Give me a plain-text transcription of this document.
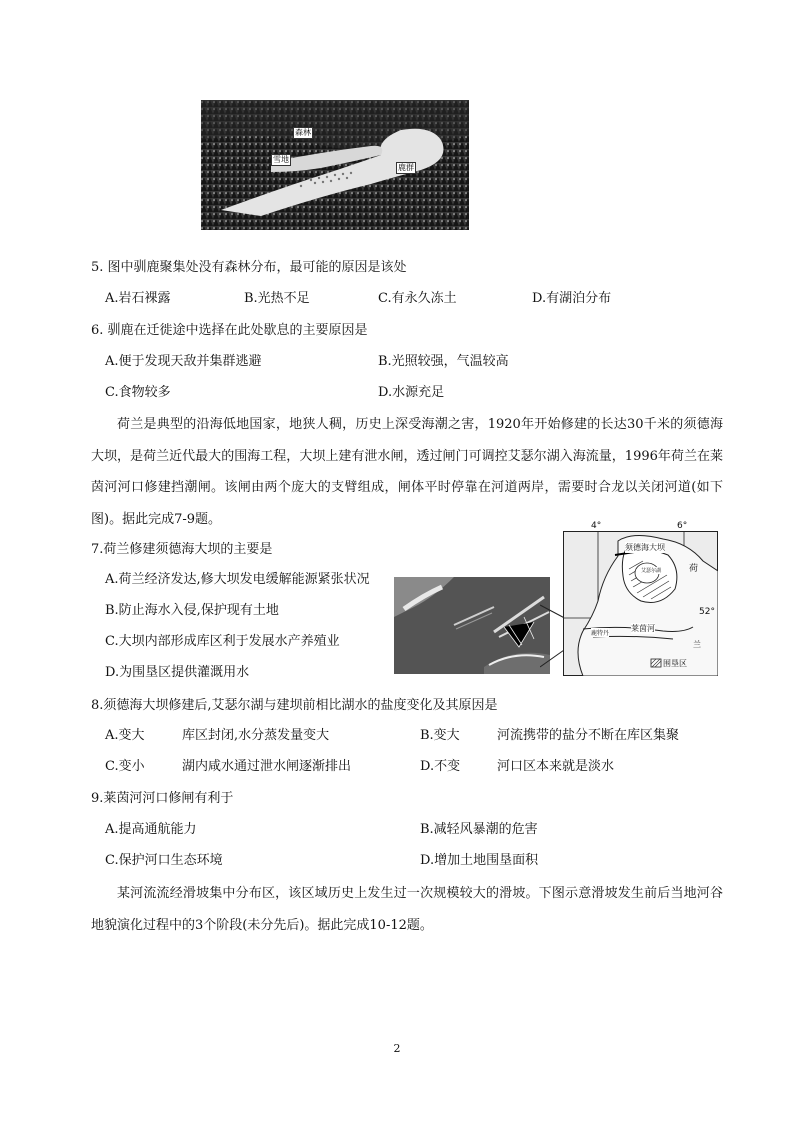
森林
雪地
鹿群
5. 图中驯鹿聚集处没有森林分布，最可能的原因是该处
A.岩石裸露	B.光热不足	C.有永久冻土	D.有湖泊分布
6. 驯鹿在迁徙途中选择在此处歇息的主要原因是
A.便于发现天敌并集群逃避	B.光照较强，气温较高
C.食物较多	D.水源充足
荷兰是典型的沿海低地国家，地狭人稠，历史上深受海潮之害，1920年开始修建的长达30千米的须德海大坝，是荷兰近代最大的围海工程，大坝上建有泄水闸，透过闸门可调控艾瑟尔湖入海流量，1996年荷兰在莱茵河河口修建挡潮闸。该闸由两个庞大的支臂组成，闸体平时停靠在河道两岸，需要时合龙以关闭河道(如下图)。据此完成7-9题。
7.荷兰修建须德海大坝的主要是
A.荷兰经济发达,修大坝发电缓解能源紧张状况
B.防止海水入侵,保护现有土地
C.大坝内部形成库区利于发展水产养殖业
D.为围垦区提供灌溉用水
4°	6°
52°
须德海大坝
艾瑟尔湖	荷
兰
莱茵河
鹿特丹
围垦区
8.须德海大坝修建后,艾瑟尔湖与建坝前相比湖水的盐度变化及其原因是
A.变大	库区封闭,水分蒸发量变大	B.变大	河流携带的盐分不断在库区集聚
C.变小	湖内咸水通过泄水闸逐渐排出	D.不变	河口区本来就是淡水
9.莱茵河河口修闸有利于
A.提高通航能力	B.减轻风暴潮的危害
C.保护河口生态环境	D.增加土地围垦面积
某河流流经滑坡集中分布区，该区域历史上发生过一次规模较大的滑坡。下图示意滑坡发生前后当地河谷地貌演化过程中的3个阶段(未分先后)。据此完成10-12题。
2
